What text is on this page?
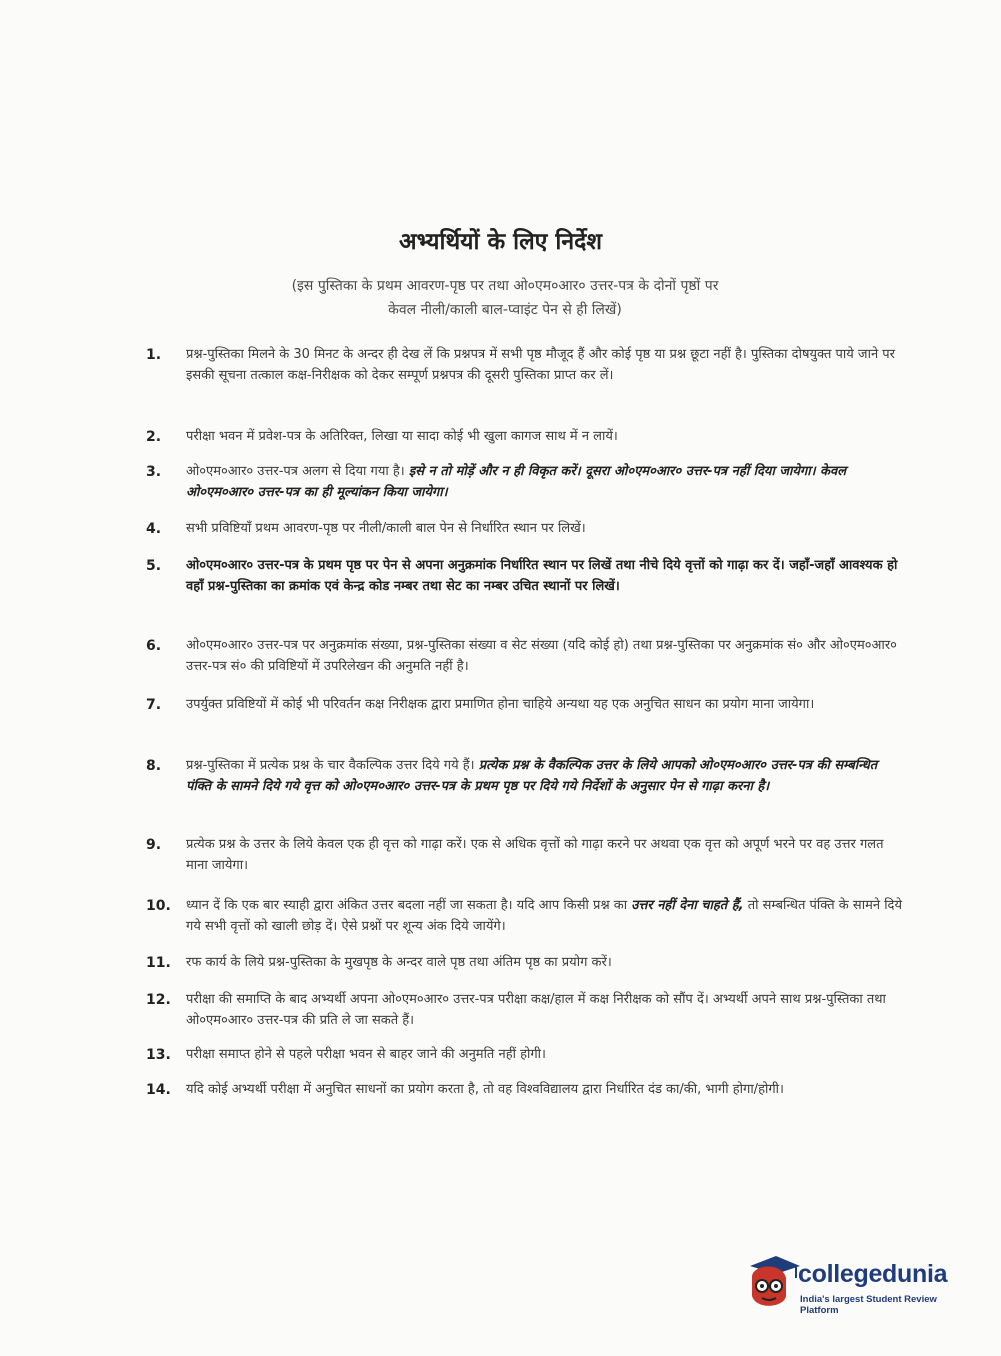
अभ्यर्थियों के लिए निर्देश
(इस पुस्तिका के प्रथम आवरण-पृष्ठ पर तथा ओ०एम०आर० उत्तर-पत्र के दोनों पृष्ठों पर
केवल नीली/काली बाल-प्वाइंट पेन से ही लिखें)
1.	प्रश्न-पुस्तिका मिलने के 30 मिनट के अन्दर ही देख लें कि प्रश्नपत्र में सभी पृष्ठ मौजूद हैं और कोई पृष्ठ या प्रश्न छूटा नहीं है। पुस्तिका दोषयुक्त पाये जाने पर इसकी सूचना तत्काल कक्ष-निरीक्षक को देकर सम्पूर्ण प्रश्नपत्र की दूसरी पुस्तिका प्राप्त कर लें।
2.	परीक्षा भवन में प्रवेश-पत्र के अतिरिक्त, लिखा या सादा कोई भी खुला कागज साथ में न लायें।
3.	ओ०एम०आर० उत्तर-पत्र अलग से दिया गया है। इसे न तो मोड़ें और न ही विकृत करें। दूसरा ओ०एम०आर० उत्तर-पत्र नहीं दिया जायेगा। केवल ओ०एम०आर० उत्तर-पत्र का ही मूल्यांकन किया जायेगा।
4.	सभी प्रविष्टियाँ प्रथम आवरण-पृष्ठ पर नीली/काली बाल पेन से निर्धारित स्थान पर लिखें।
5.	ओ०एम०आर० उत्तर-पत्र के प्रथम पृष्ठ पर पेन से अपना अनुक्रमांक निर्धारित स्थान पर लिखें तथा नीचे दिये वृत्तों को गाढ़ा कर दें। जहाँ-जहाँ आवश्यक हो वहाँ प्रश्न-पुस्तिका का क्रमांक एवं केन्द्र कोड नम्बर तथा सेट का नम्बर उचित स्थानों पर लिखें।
6.	ओ०एम०आर० उत्तर-पत्र पर अनुक्रमांक संख्या, प्रश्न-पुस्तिका संख्या व सेट संख्या (यदि कोई हो) तथा प्रश्न-पुस्तिका पर अनुक्रमांक सं० और ओ०एम०आर० उत्तर-पत्र सं० की प्रविष्टियों में उपरिलेखन की अनुमति नहीं है।
7.	उपर्युक्त प्रविष्टियों में कोई भी परिवर्तन कक्ष निरीक्षक द्वारा प्रमाणित होना चाहिये अन्यथा यह एक अनुचित साधन का प्रयोग माना जायेगा।
8.	प्रश्न-पुस्तिका में प्रत्येक प्रश्न के चार वैकल्पिक उत्तर दिये गये हैं। प्रत्येक प्रश्न के वैकल्पिक उत्तर के लिये आपको ओ०एम०आर० उत्तर-पत्र की सम्बन्धित पंक्ति के सामने दिये गये वृत्त को ओ०एम०आर० उत्तर-पत्र के प्रथम पृष्ठ पर दिये गये निर्देशों के अनुसार पेन से गाढ़ा करना है।
9.	प्रत्येक प्रश्न के उत्तर के लिये केवल एक ही वृत्त को गाढ़ा करें। एक से अधिक वृत्तों को गाढ़ा करने पर अथवा एक वृत्त को अपूर्ण भरने पर वह उत्तर गलत माना जायेगा।
10.	ध्यान दें कि एक बार स्याही द्वारा अंकित उत्तर बदला नहीं जा सकता है। यदि आप किसी प्रश्न का उत्तर नहीं देना चाहते हैं, तो सम्बन्धित पंक्ति के सामने दिये गये सभी वृत्तों को खाली छोड़ दें। ऐसे प्रश्नों पर शून्य अंक दिये जायेंगे।
11.	रफ कार्य के लिये प्रश्न-पुस्तिका के मुखपृष्ठ के अन्दर वाले पृष्ठ तथा अंतिम पृष्ठ का प्रयोग करें।
12.	परीक्षा की समाप्ति के बाद अभ्यर्थी अपना ओ०एम०आर० उत्तर-पत्र परीक्षा कक्ष/हाल में कक्ष निरीक्षक को सौंप दें। अभ्यर्थी अपने साथ प्रश्न-पुस्तिका तथा ओ०एम०आर० उत्तर-पत्र की प्रति ले जा सकते हैं।
13.	परीक्षा समाप्त होने से पहले परीक्षा भवन से बाहर जाने की अनुमति नहीं होगी।
14.	यदि कोई अभ्यर्थी परीक्षा में अनुचित साधनों का प्रयोग करता है, तो वह विश्वविद्यालय द्वारा निर्धारित दंड का/की, भागी होगा/होगी।
collegedunia
India's largest Student Review Platform
